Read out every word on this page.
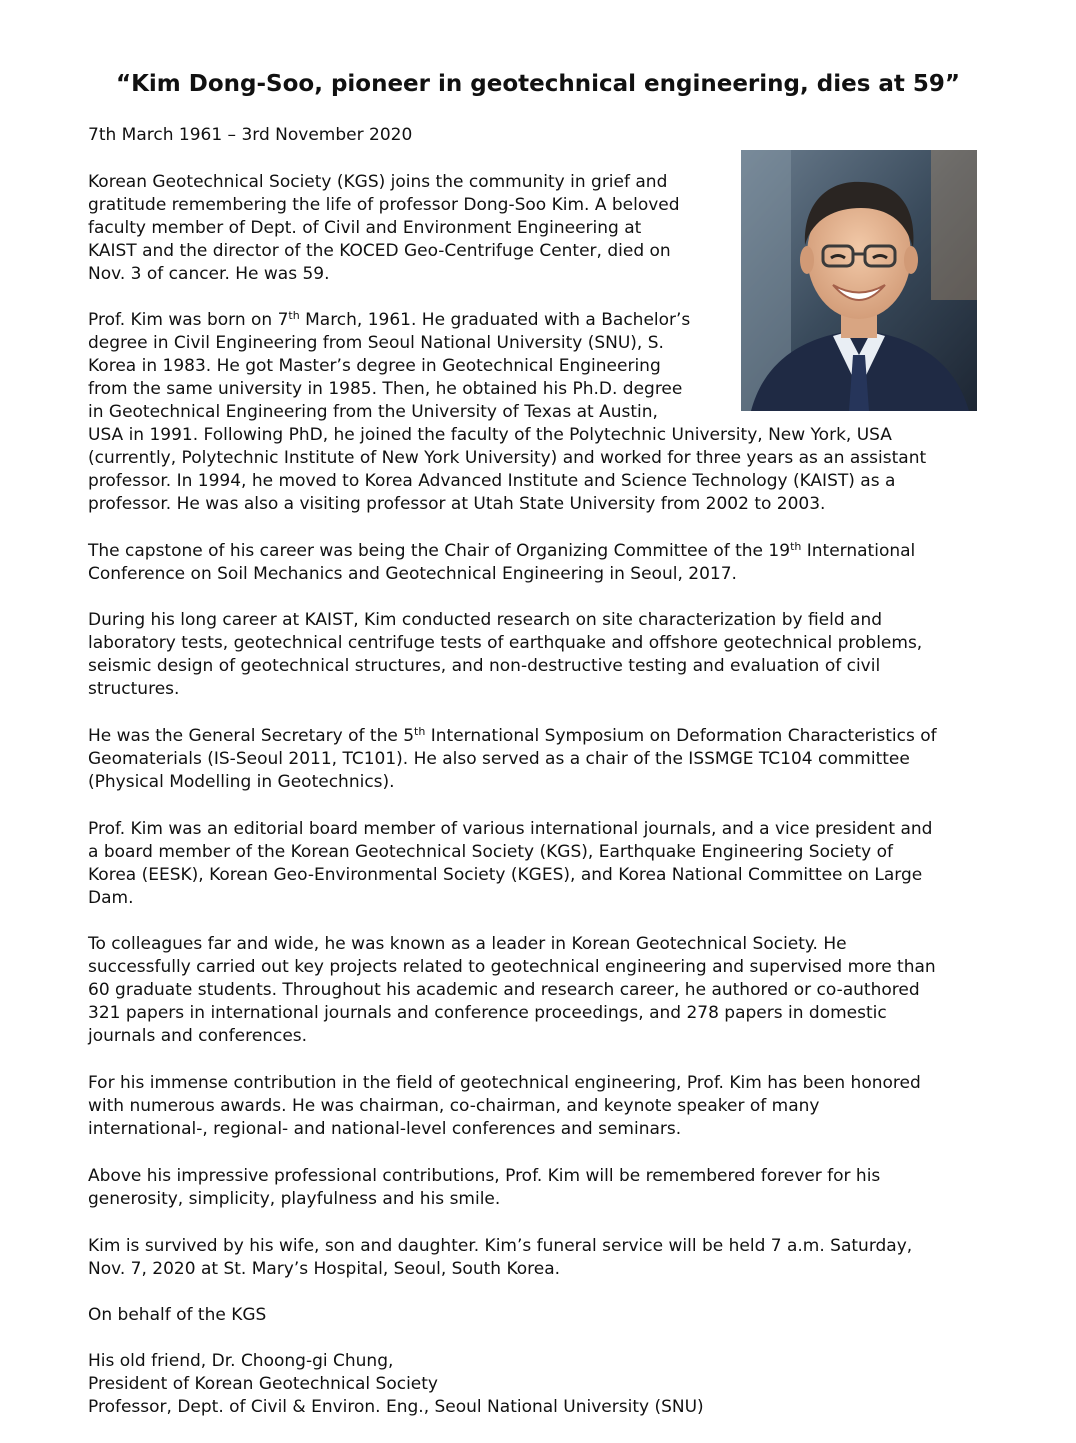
“Kim Dong-Soo, pioneer in geotechnical engineering, dies at 59”

7th March 1961 – 3rd November 2020

Korean Geotechnical Society (KGS) joins the community in grief and
gratitude remembering the life of professor Dong-Soo Kim. A beloved
faculty member of Dept. of Civil and Environment Engineering at
KAIST and the director of the KOCED Geo-Centrifuge Center, died on
Nov. 3 of cancer. He was 59.

Prof. Kim was born on 7th March, 1961. He graduated with a Bachelor’s
degree in Civil Engineering from Seoul National University (SNU), S.
Korea in 1983. He got Master’s degree in Geotechnical Engineering
from the same university in 1985. Then, he obtained his Ph.D. degree
in Geotechnical Engineering from the University of Texas at Austin,
USA in 1991. Following PhD, he joined the faculty of the Polytechnic University, New York, USA
(currently, Polytechnic Institute of New York University) and worked for three years as an assistant
professor. In 1994, he moved to Korea Advanced Institute and Science Technology (KAIST) as a
professor. He was also a visiting professor at Utah State University from 2002 to 2003.

The capstone of his career was being the Chair of Organizing Committee of the 19th International
Conference on Soil Mechanics and Geotechnical Engineering in Seoul, 2017.

During his long career at KAIST, Kim conducted research on site characterization by field and
laboratory tests, geotechnical centrifuge tests of earthquake and offshore geotechnical problems,
seismic design of geotechnical structures, and non-destructive testing and evaluation of civil
structures.

He was the General Secretary of the 5th International Symposium on Deformation Characteristics of
Geomaterials (IS-Seoul 2011, TC101). He also served as a chair of the ISSMGE TC104 committee
(Physical Modelling in Geotechnics).

Prof. Kim was an editorial board member of various international journals, and a vice president and
a board member of the Korean Geotechnical Society (KGS), Earthquake Engineering Society of
Korea (EESK), Korean Geo-Environmental Society (KGES), and Korea National Committee on Large
Dam.

To colleagues far and wide, he was known as a leader in Korean Geotechnical Society. He
successfully carried out key projects related to geotechnical engineering and supervised more than
60 graduate students. Throughout his academic and research career, he authored or co-authored
321 papers in international journals and conference proceedings, and 278 papers in domestic
journals and conferences.

For his immense contribution in the field of geotechnical engineering, Prof. Kim has been honored
with numerous awards. He was chairman, co-chairman, and keynote speaker of many
international-, regional- and national-level conferences and seminars.

Above his impressive professional contributions, Prof. Kim will be remembered forever for his
generosity, simplicity, playfulness and his smile.

Kim is survived by his wife, son and daughter. Kim’s funeral service will be held 7 a.m. Saturday,
Nov. 7, 2020 at St. Mary’s Hospital, Seoul, South Korea.

On behalf of the KGS

His old friend, Dr. Choong-gi Chung,
President of Korean Geotechnical Society
Professor, Dept. of Civil & Environ. Eng., Seoul National University (SNU)
